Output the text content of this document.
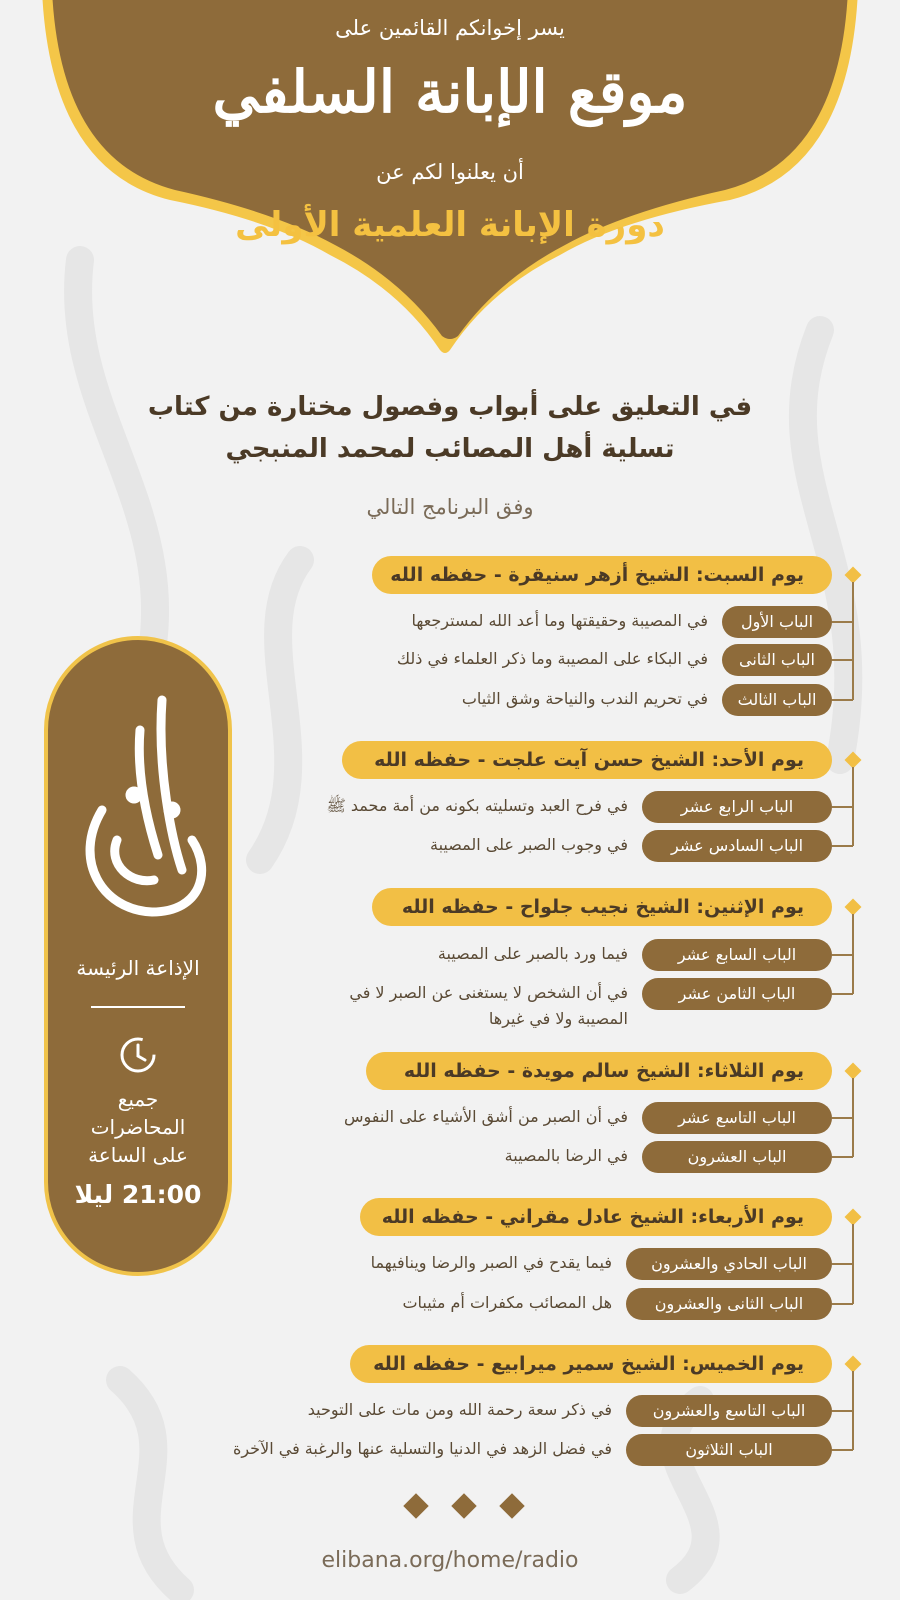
يسر إخوانكم القائمين على
موقع الإبانة السلفي
أن يعلنوا لكم عن
دورة الإبانة العلمية الأولى
في التعليق على أبواب وفصول مختارة من كتاب
تسلية أهل المصائب لمحمد المنبجي
وفق البرنامج التالي
الإذاعة الرئيسة
جميع
المحاضرات
على الساعة
21:00 ليلا
يوم السبت: الشيخ أزهر سنيقرة - حفظه الله
الباب الأول
في المصيبة وحقيقتها وما أعد الله لمسترجعها
الباب الثانى
في البكاء على المصيبة وما ذكر العلماء في ذلك
الباب الثالث
في تحريم الندب والنياحة وشق الثياب
يوم الأحد: الشيخ حسن آيت علجت - حفظه الله
الباب الرابع عشر
في فرح العبد وتسليته بكونه من أمة محمد ﷺ
الباب السادس عشر
في وجوب الصبر على المصيبة
يوم الإثنين: الشيخ نجيب جلواح - حفظه الله
الباب السابع عشر
فيما ورد بالصبر على المصيبة
الباب الثامن عشر
في أن الشخص لا يستغنى عن الصبر لا في المصيبة ولا في غيرها
يوم الثلاثاء: الشيخ سالم مويدة - حفظه الله
الباب التاسع عشر
في أن الصبر من أشق الأشياء على النفوس
الباب العشرون
في الرضا بالمصيبة
يوم الأربعاء: الشيخ عادل مقراني - حفظه الله
الباب الحادي والعشرون
فيما يقدح في الصبر والرضا وينافيهما
الباب الثانى والعشرون
هل المصائب مكفرات أم مثيبات
يوم الخميس: الشيخ سمير ميرابيع - حفظه الله
الباب التاسع والعشرون
في ذكر سعة رحمة الله ومن مات على التوحيد
الباب الثلاثون
في فضل الزهد في الدنيا والتسلية عنها والرغبة في الآخرة
elibana.org/home/radio
